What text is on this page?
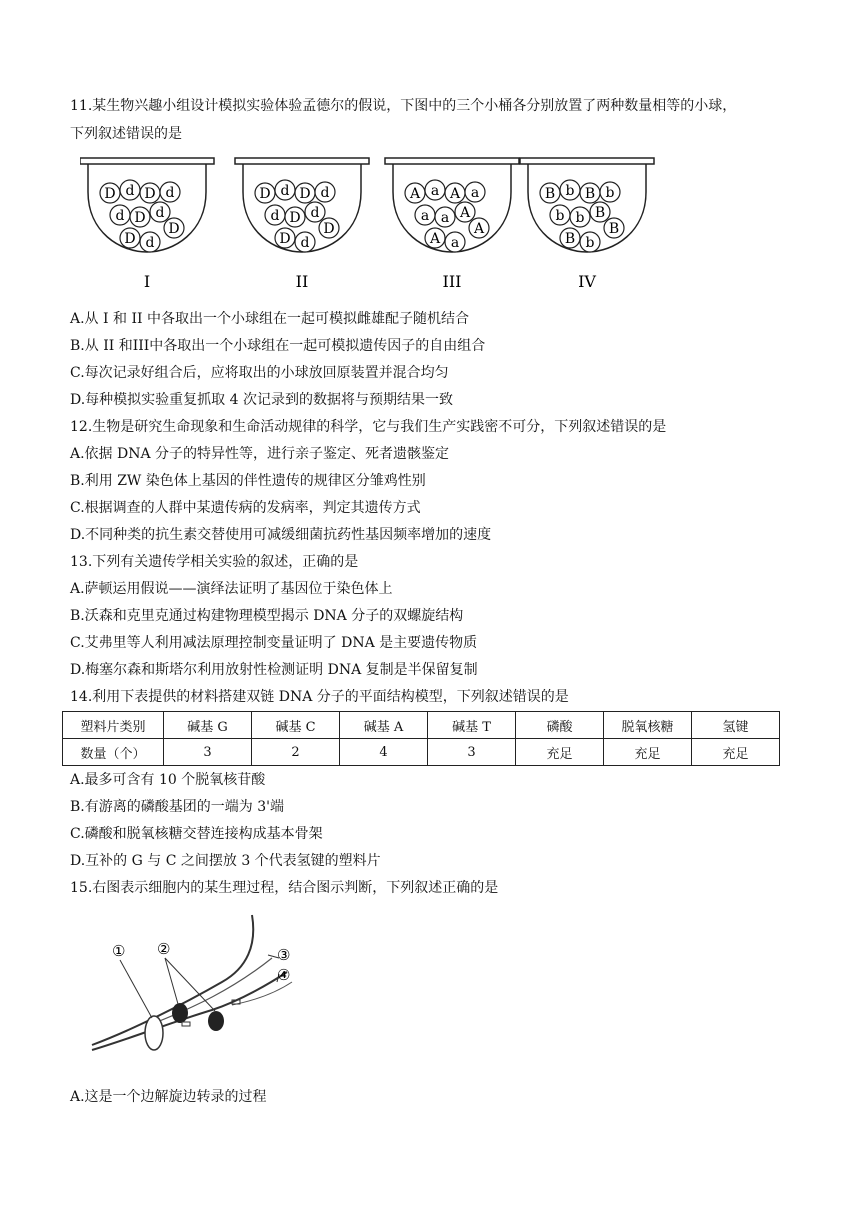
11.某生物兴趣小组设计模拟实验体验孟德尔的假说，下图中的三个小桶各分别放置了两种数量相等的小球，
下列叙述错误的是
D d D d
d D d
D
D d
I
D d D d
d D d
D
D d
II
A a A a
a a A
A
A a
III
B b B b
b b B
B
B b
IV
A.从 I 和 II 中各取出一个小球组在一起可模拟雌雄配子随机结合
B.从 II 和III中各取出一个小球组在一起可模拟遗传因子的自由组合
C.每次记录好组合后，应将取出的小球放回原装置并混合均匀
D.每种模拟实验重复抓取 4 次记录到的数据将与预期结果一致
12.生物是研究生命现象和生命活动规律的科学，它与我们生产实践密不可分，下列叙述错误的是
A.依据 DNA 分子的特异性等，进行亲子鉴定、死者遗骸鉴定
B.利用 ZW 染色体上基因的伴性遗传的规律区分雏鸡性别
C.根据调查的人群中某遗传病的发病率，判定其遗传方式
D.不同种类的抗生素交替使用可减缓细菌抗药性基因频率增加的速度
13.下列有关遗传学相关实验的叙述，正确的是
A.萨顿运用假说——演绎法证明了基因位于染色体上
B.沃森和克里克通过构建物理模型揭示 DNA 分子的双螺旋结构
C.艾弗里等人利用减法原理控制变量证明了 DNA 是主要遗传物质
D.梅塞尔森和斯塔尔利用放射性检测证明 DNA 复制是半保留复制
14.利用下表提供的材料搭建双链 DNA 分子的平面结构模型，下列叙述错误的是
塑料片类别	碱基 G	碱基 C	碱基 A	碱基 T	磷酸	脱氧核糖	氢键
数量（个）	3	2	4	3	充足	充足	充足
A.最多可含有 10 个脱氧核苷酸
B.有游离的磷酸基团的一端为 3'端
C.磷酸和脱氧核糖交替连接构成基本骨架
D.互补的 G 与 C 之间摆放 3 个代表氢键的塑料片
15.右图表示细胞内的某生理过程，结合图示判断，下列叙述正确的是
① ②	③
④
A.这是一个边解旋边转录的过程
